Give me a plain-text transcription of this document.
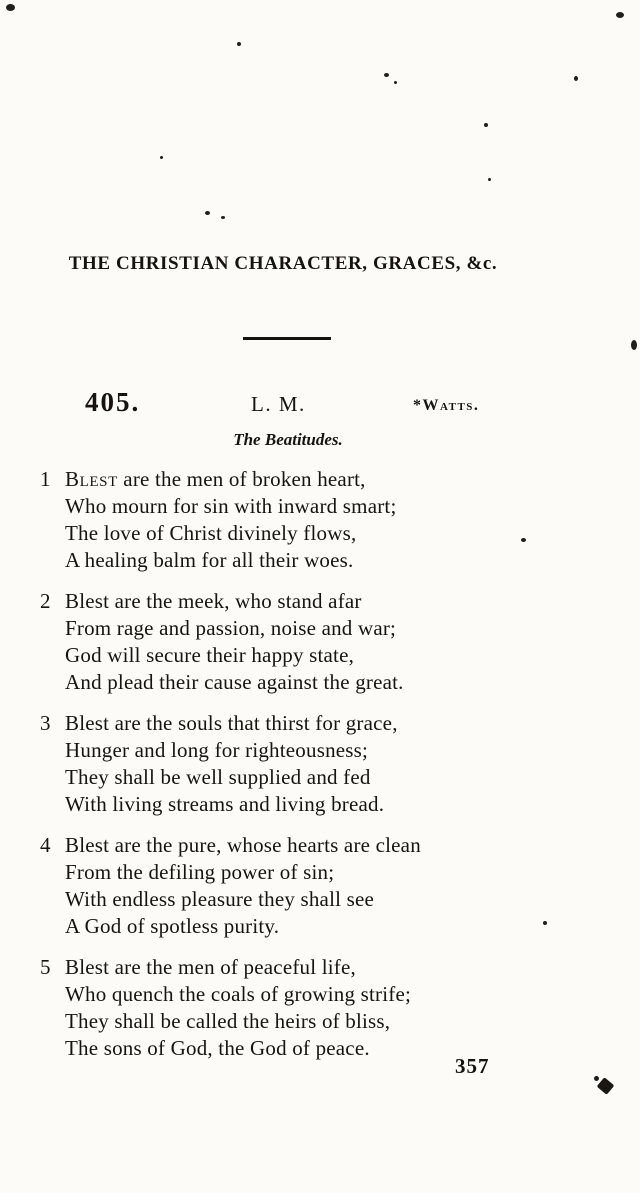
THE CHRISTIAN CHARACTER, GRACES, &c.
405.	L. M.	*Watts.
The Beatitudes.
1 Blest are the men of broken heart,
Who mourn for sin with inward smart;
The love of Christ divinely flows,
A healing balm for all their woes.
2 Blest are the meek, who stand afar
From rage and passion, noise and war;
God will secure their happy state,
And plead their cause against the great.
3 Blest are the souls that thirst for grace,
Hunger and long for righteousness;
They shall be well supplied and fed
With living streams and living bread.
4 Blest are the pure, whose hearts are clean
From the defiling power of sin;
With endless pleasure they shall see
A God of spotless purity.
5 Blest are the men of peaceful life,
Who quench the coals of growing strife;
They shall be called the heirs of bliss,
The sons of God, the God of peace.
357
